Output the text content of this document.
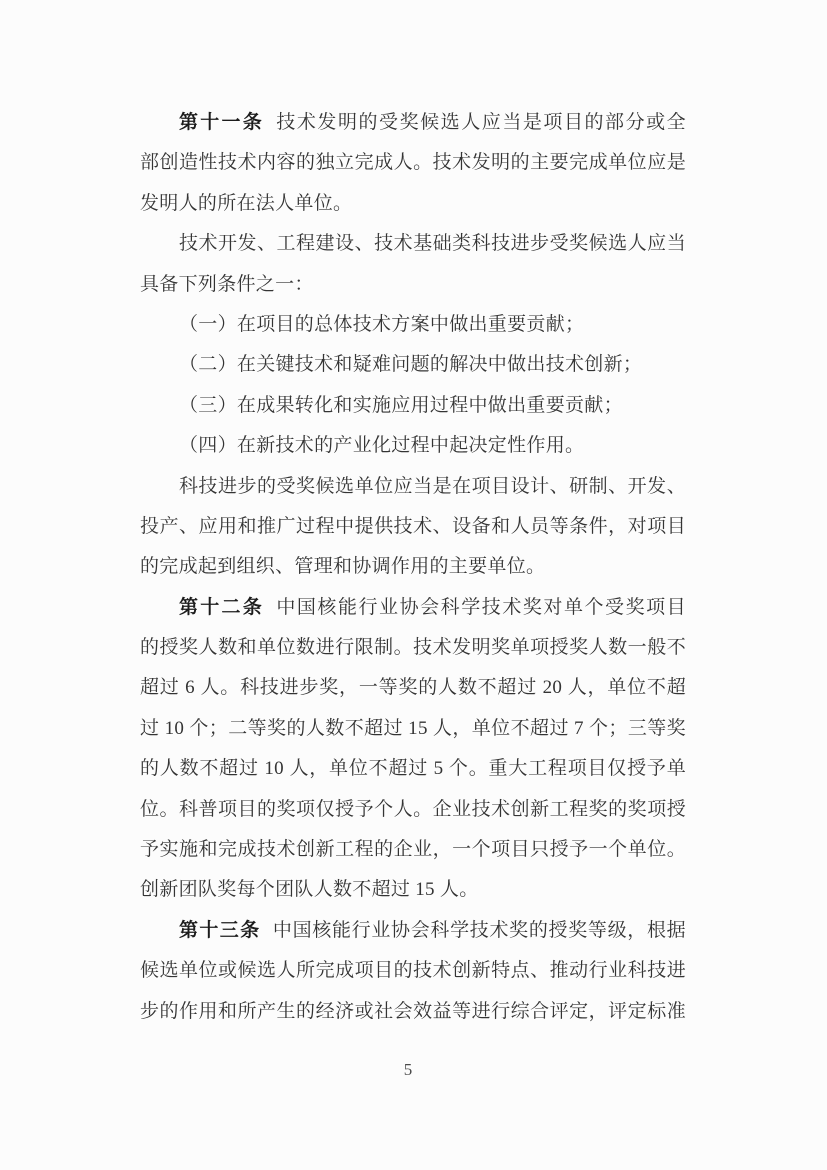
第十一条 技术发明的受奖候选人应当是项目的部分或全
部创造性技术内容的独立完成人。技术发明的主要完成单位应是
发明人的所在法人单位。
技术开发、工程建设、技术基础类科技进步受奖候选人应当
具备下列条件之一：
（一）在项目的总体技术方案中做出重要贡献；
（二）在关键技术和疑难问题的解决中做出技术创新；
（三）在成果转化和实施应用过程中做出重要贡献；
（四）在新技术的产业化过程中起决定性作用。
科技进步的受奖候选单位应当是在项目设计、研制、开发、
投产、应用和推广过程中提供技术、设备和人员等条件，对项目
的完成起到组织、管理和协调作用的主要单位。
第十二条 中国核能行业协会科学技术奖对单个受奖项目
的授奖人数和单位数进行限制。技术发明奖单项授奖人数一般不
超过 6 人。科技进步奖，一等奖的人数不超过 20 人，单位不超
过 10 个；二等奖的人数不超过 15 人，单位不超过 7 个；三等奖
的人数不超过 10 人，单位不超过 5 个。重大工程项目仅授予单
位。科普项目的奖项仅授予个人。企业技术创新工程奖的奖项授
予实施和完成技术创新工程的企业，一个项目只授予一个单位。
创新团队奖每个团队人数不超过 15 人。
第十三条 中国核能行业协会科学技术奖的授奖等级，根据
候选单位或候选人所完成项目的技术创新特点、推动行业科技进
步的作用和所产生的经济或社会效益等进行综合评定，评定标准
5
